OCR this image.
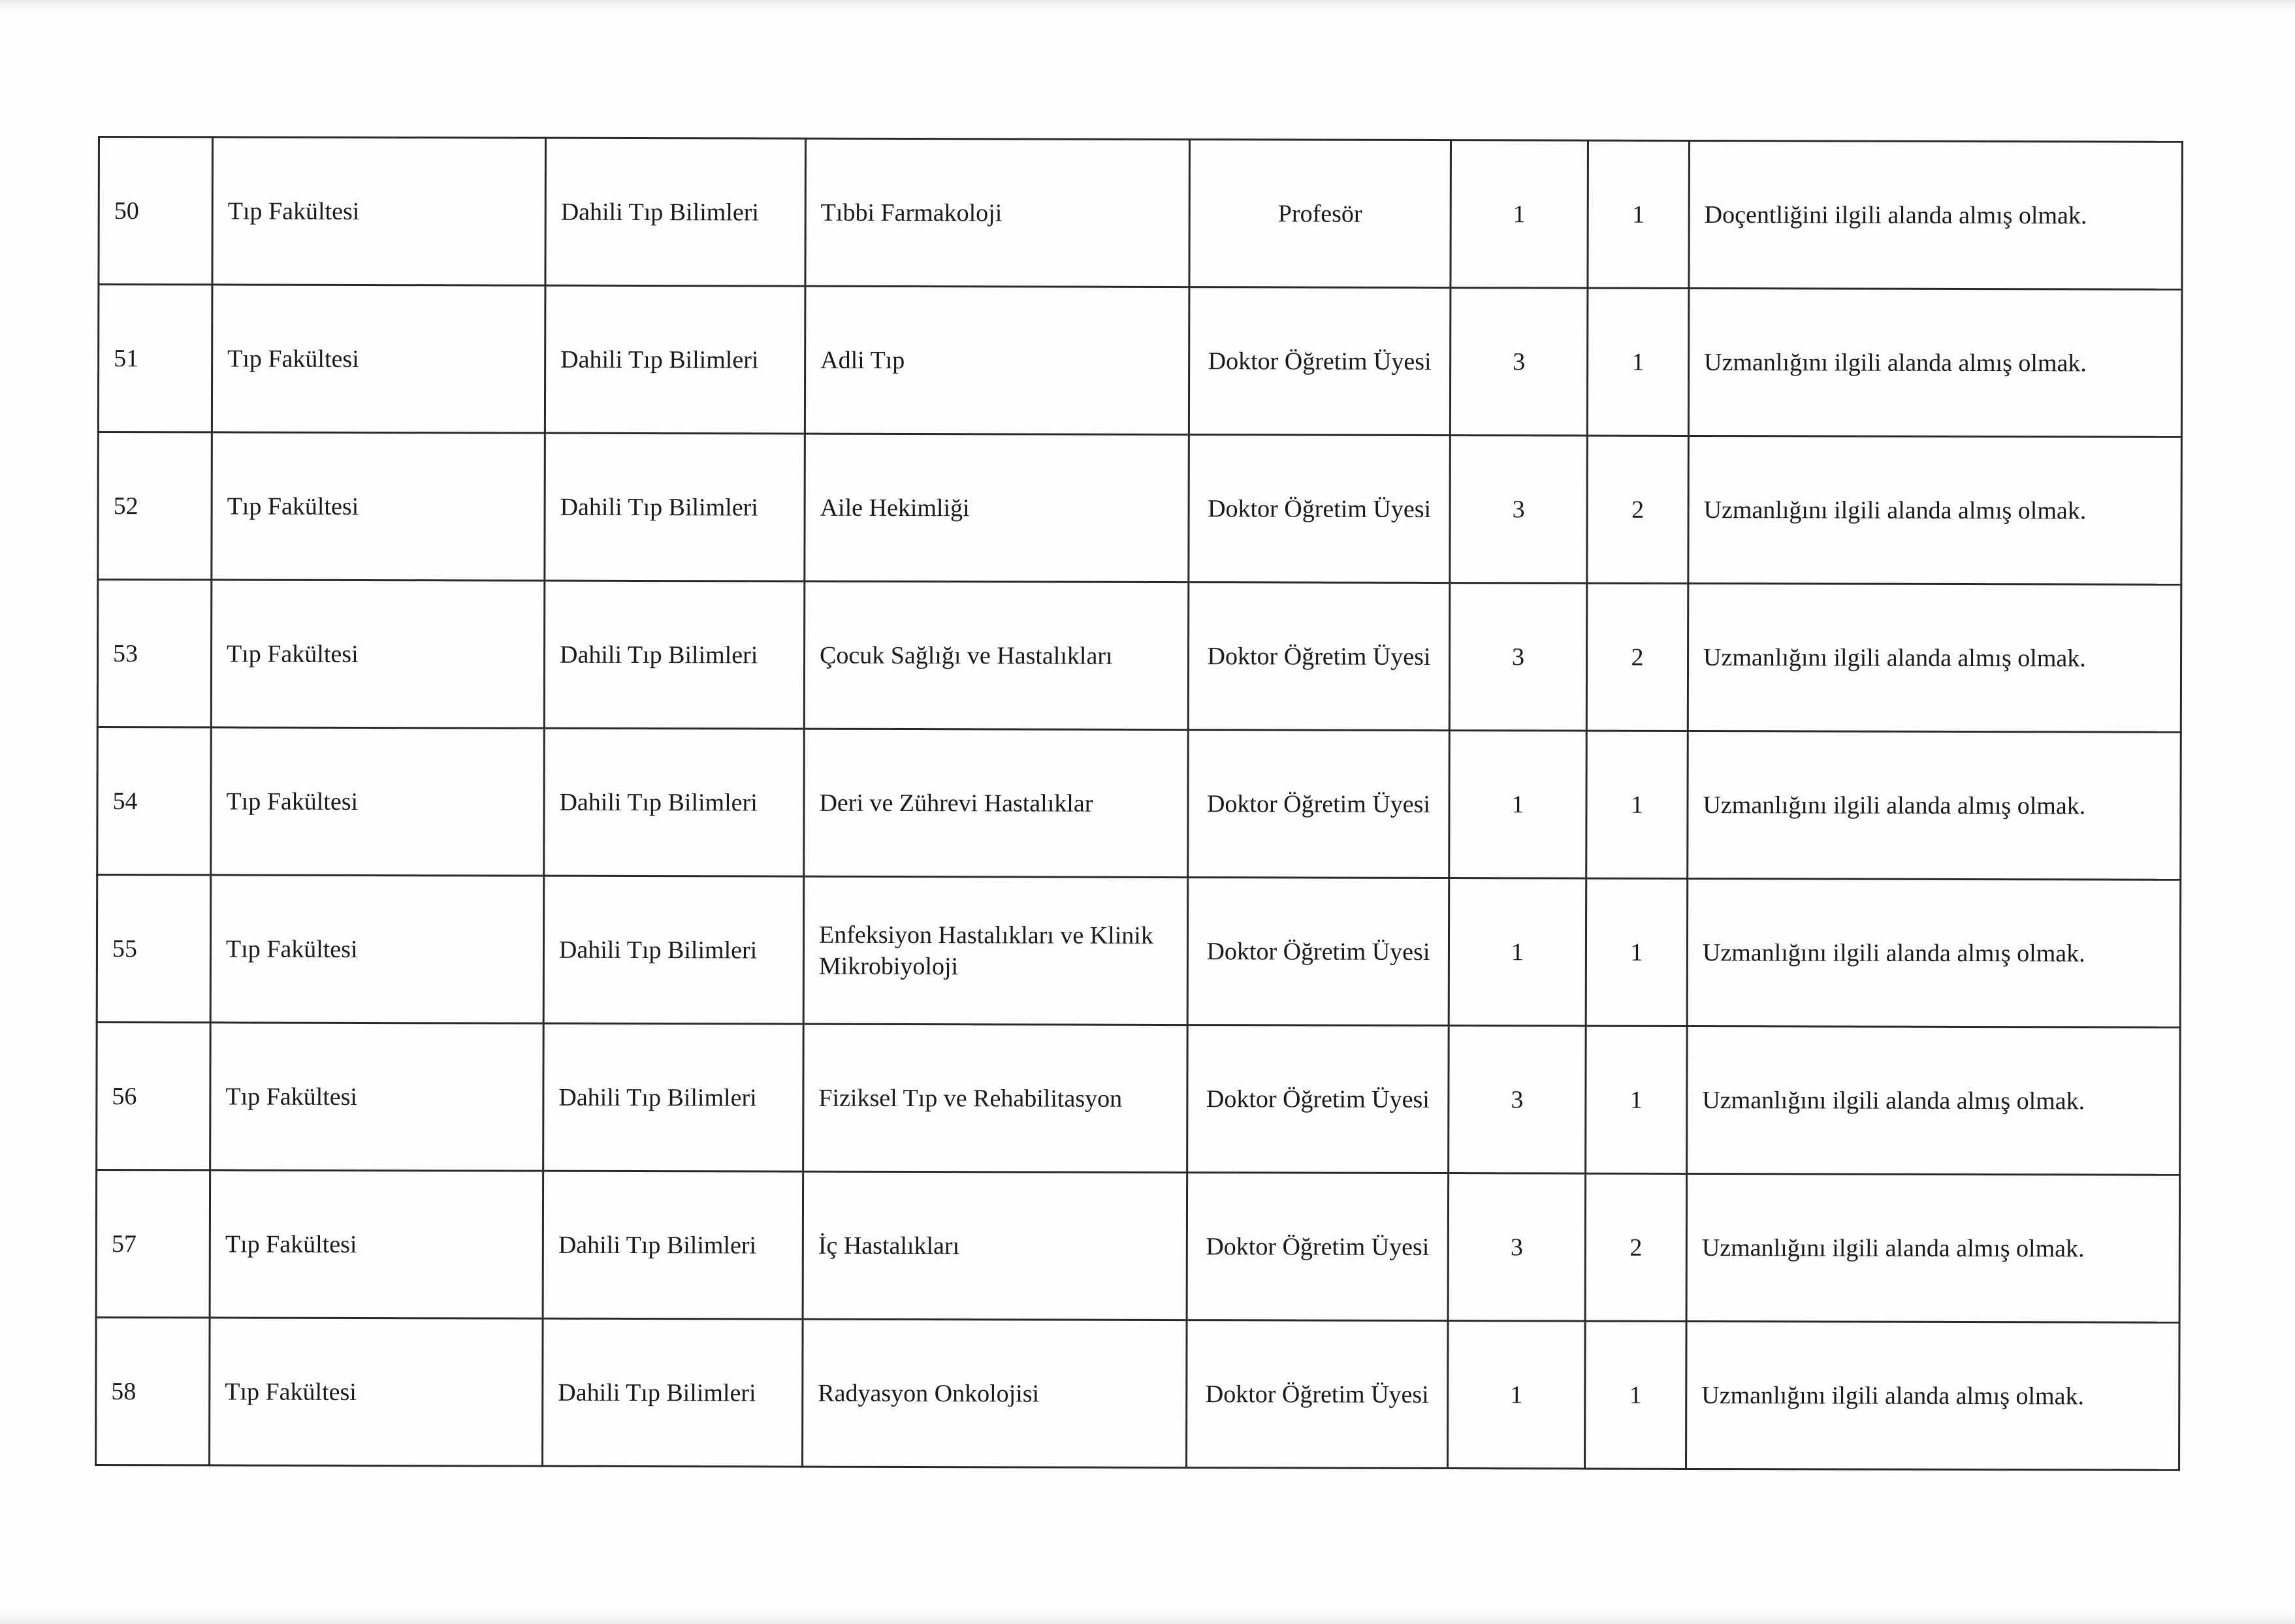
50	Tıp Fakültesi	Dahili Tıp Bilimleri	Tıbbi Farmakoloji	Profesör	1	1	Doçentliğini ilgili alanda almış olmak.
51	Tıp Fakültesi	Dahili Tıp Bilimleri	Adli Tıp	Doktor Öğretim Üyesi	3	1	Uzmanlığını ilgili alanda almış olmak.
52	Tıp Fakültesi	Dahili Tıp Bilimleri	Aile Hekimliği	Doktor Öğretim Üyesi	3	2	Uzmanlığını ilgili alanda almış olmak.
53	Tıp Fakültesi	Dahili Tıp Bilimleri	Çocuk Sağlığı ve Hastalıkları	Doktor Öğretim Üyesi	3	2	Uzmanlığını ilgili alanda almış olmak.
54	Tıp Fakültesi	Dahili Tıp Bilimleri	Deri ve Zührevi Hastalıklar	Doktor Öğretim Üyesi	1	1	Uzmanlığını ilgili alanda almış olmak.
55	Tıp Fakültesi	Dahili Tıp Bilimleri	Enfeksiyon Hastalıkları ve Klinik Mikrobiyoloji	Doktor Öğretim Üyesi	1	1	Uzmanlığını ilgili alanda almış olmak.
56	Tıp Fakültesi	Dahili Tıp Bilimleri	Fiziksel Tıp ve Rehabilitasyon	Doktor Öğretim Üyesi	3	1	Uzmanlığını ilgili alanda almış olmak.
57	Tıp Fakültesi	Dahili Tıp Bilimleri	İç Hastalıkları	Doktor Öğretim Üyesi	3	2	Uzmanlığını ilgili alanda almış olmak.
58	Tıp Fakültesi	Dahili Tıp Bilimleri	Radyasyon Onkolojisi	Doktor Öğretim Üyesi	1	1	Uzmanlığını ilgili alanda almış olmak.
